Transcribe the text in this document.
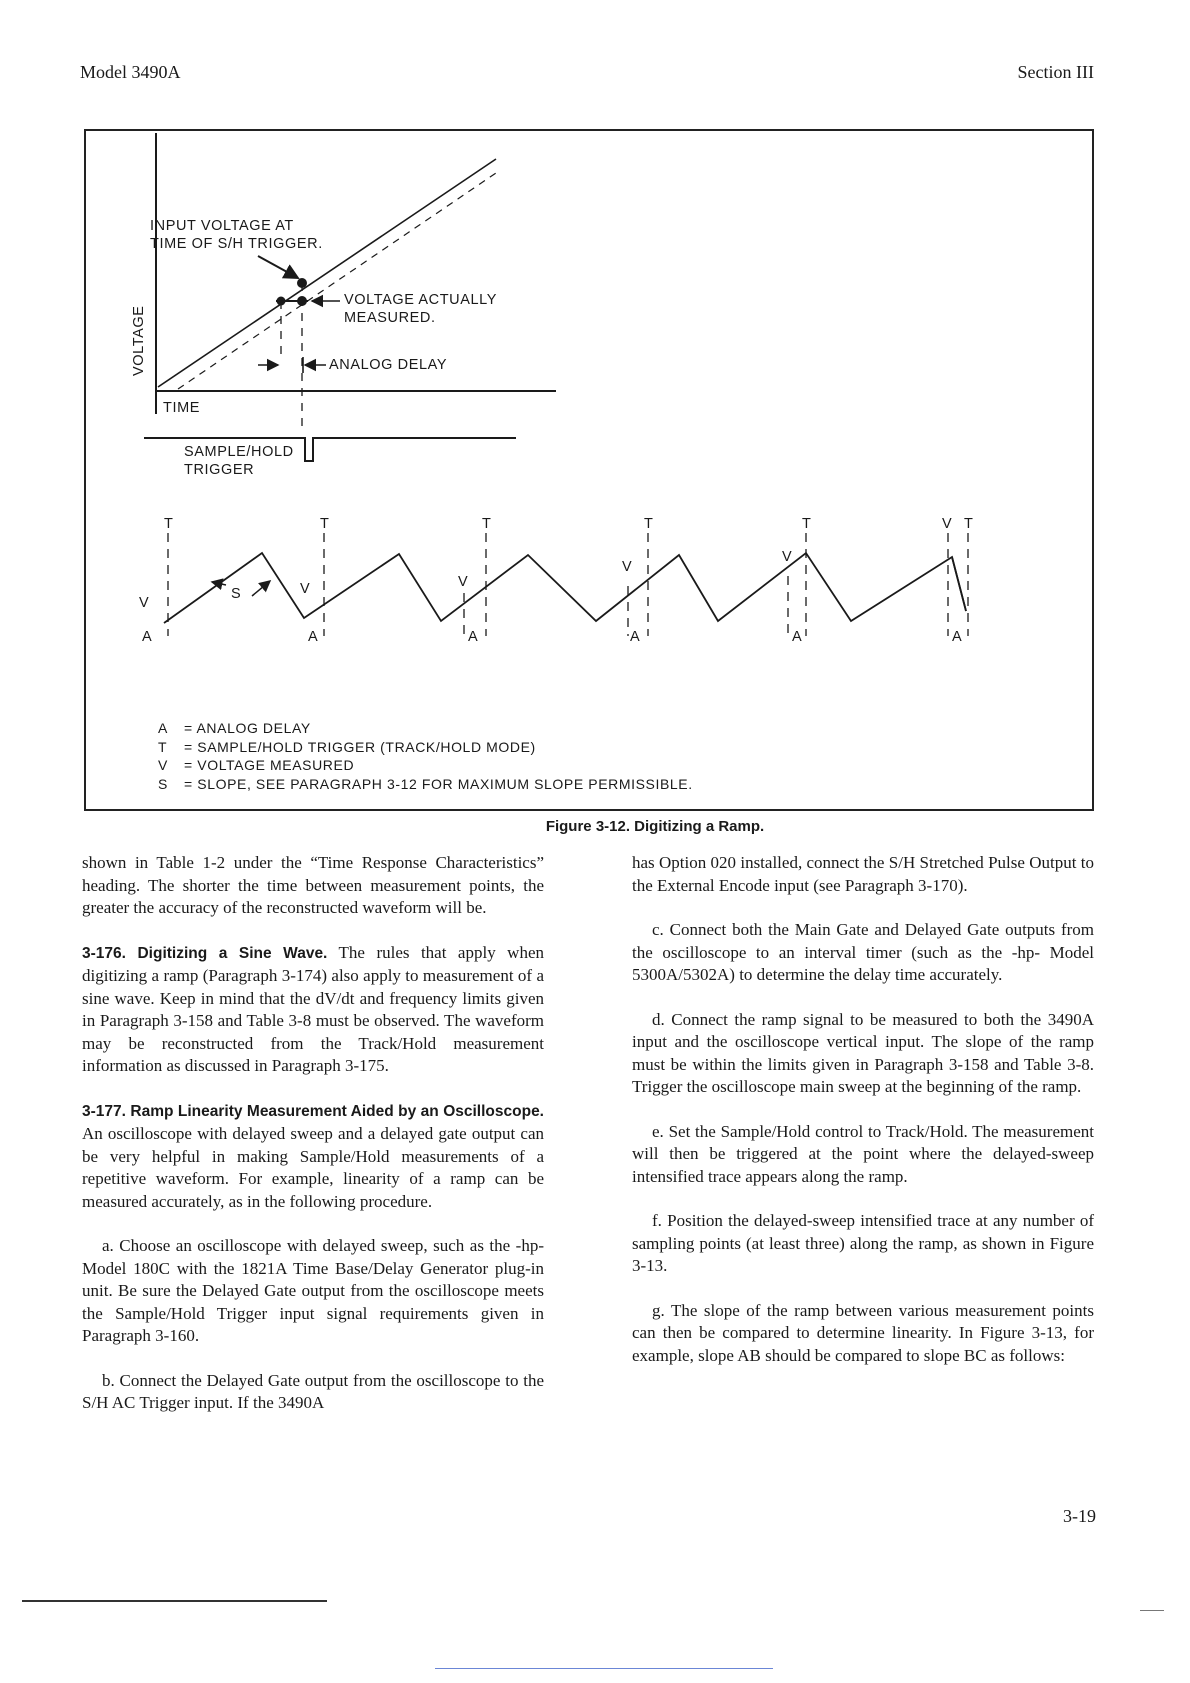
Model 3490A	Section III
VOLTAGE
TIME
INPUT VOLTAGE AT
TIME OF S/H TRIGGER.
VOLTAGE ACTUALLY
MEASURED.
ANALOG DELAY
SAMPLE/HOLD
TRIGGER
S
T
V
A
T
V
A
T
V
A
T
V
A
T
V
A
V T
A
A = ANALOG DELAY
T = SAMPLE/HOLD TRIGGER (TRACK/HOLD MODE)
V = VOLTAGE MEASURED
S = SLOPE, SEE PARAGRAPH 3-12 FOR MAXIMUM SLOPE PERMISSIBLE.
Figure 3-12. Digitizing a Ramp.

shown in Table 1-2 under the “Time Response Characteristics” heading. The shorter the time between measurement points, the greater the accuracy of the reconstructed waveform will be.

3-176. Digitizing a Sine Wave. The rules that apply when digitizing a ramp (Paragraph 3-174) also apply to measurement of a sine wave. Keep in mind that the dV/dt and frequency limits given in Paragraph 3-158 and Table 3-8 must be observed. The waveform may be reconstructed from the Track/Hold measurement information as discussed in Paragraph 3-175.

3-177. Ramp Linearity Measurement Aided by an Oscilloscope. An oscilloscope with delayed sweep and a delayed gate output can be very helpful in making Sample/Hold measurements of a repetitive waveform. For example, linearity of a ramp can be measured accurately, as in the following procedure.

a. Choose an oscilloscope with delayed sweep, such as the -hp- Model 180C with the 1821A Time Base/Delay Generator plug-in unit. Be sure the Delayed Gate output from the oscilloscope meets the Sample/Hold Trigger input signal requirements given in Paragraph 3-160.

b. Connect the Delayed Gate output from the oscilloscope to the S/H AC Trigger input. If the 3490A

has Option 020 installed, connect the S/H Stretched Pulse Output to the External Encode input (see Paragraph 3-170).

c. Connect both the Main Gate and Delayed Gate outputs from the oscilloscope to an interval timer (such as the -hp- Model 5300A/5302A) to determine the delay time accurately.

d. Connect the ramp signal to be measured to both the 3490A input and the oscilloscope vertical input. The slope of the ramp must be within the limits given in Paragraph 3-158 and Table 3-8. Trigger the oscilloscope main sweep at the beginning of the ramp.

e. Set the Sample/Hold control to Track/Hold. The measurement will then be triggered at the point where the delayed-sweep intensified trace appears along the ramp.

f. Position the delayed-sweep intensified trace at any number of sampling points (at least three) along the ramp, as shown in Figure 3-13.

g. The slope of the ramp between various measurement points can then be compared to determine linearity. In Figure 3-13, for example, slope AB should be compared to slope BC as follows:

3-19
